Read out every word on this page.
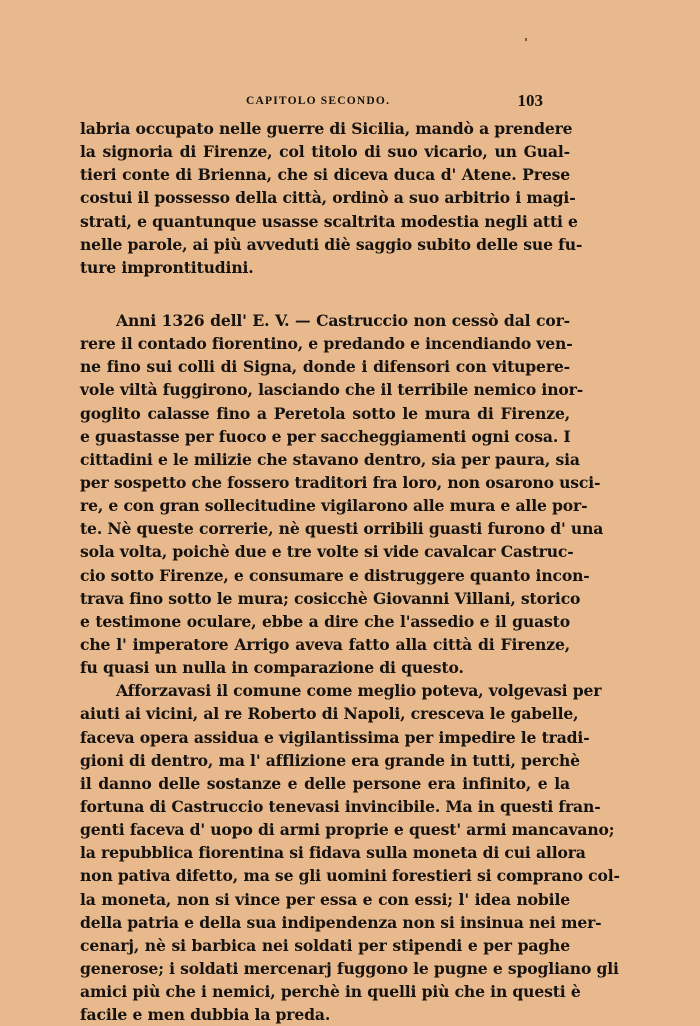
CAPITOLO SECONDO.	103
labria occupato nelle guerre di Sicilia, mandò a prendere
la signoria di Firenze, col titolo di suo vicario, un Gual-
tieri conte di Brienna, che si diceva duca d' Atene. Prese
costui il possesso della città, ordinò a suo arbitrio i magi-
strati, e quantunque usasse scaltrita modestia negli atti e
nelle parole, ai più avveduti diè saggio subito delle sue fu-
ture improntitudini.
Anni 1326 dell' E. V. — Castruccio non cessò dal cor-
rere il contado fiorentino, e predando e incendiando ven-
ne fino sui colli di Signa, donde i difensori con vitupere-
vole viltà fuggirono, lasciando che il terribile nemico inor-
goglito calasse fino a Peretola sotto le mura di Firenze,
e guastasse per fuoco e per saccheggiamenti ogni cosa. I
cittadini e le milizie che stavano dentro, sia per paura, sia
per sospetto che fossero traditori fra loro, non osarono usci-
re, e con gran sollecitudine vigilarono alle mura e alle por-
te. Nè queste correrie, nè questi orribili guasti furono d' una
sola volta, poichè due e tre volte si vide cavalcar Castruc-
cio sotto Firenze, e consumare e distruggere quanto incon-
trava fino sotto le mura; cosicchè Giovanni Villani, storico
e testimone oculare, ebbe a dire che l'assedio e il guasto
che l' imperatore Arrigo aveva fatto alla città di Firenze,
fu quasi un nulla in comparazione di questo.
Afforzavasi il comune come meglio poteva, volgevasi per
aiuti ai vicini, al re Roberto di Napoli, cresceva le gabelle,
faceva opera assidua e vigilantissima per impedire le tradi-
gioni di dentro, ma l' afflizione era grande in tutti, perchè
il danno delle sostanze e delle persone era infinito, e la
fortuna di Castruccio tenevasi invincibile. Ma in questi fran-
genti faceva d' uopo di armi proprie e quest' armi mancavano;
la repubblica fiorentina si fidava sulla moneta di cui allora
non pativa difetto, ma se gli uomini forestieri si comprano col-
la moneta, non si vince per essa e con essi; l' idea nobile
della patria e della sua indipendenza non si insinua nei mer-
cenarj, nè si barbica nei soldati per stipendi e per paghe
generose; i soldati mercenarj fuggono le pugne e spogliano gli
amici più che i nemici, perchè in quelli più che in questi è
facile e men dubbia la preda.
